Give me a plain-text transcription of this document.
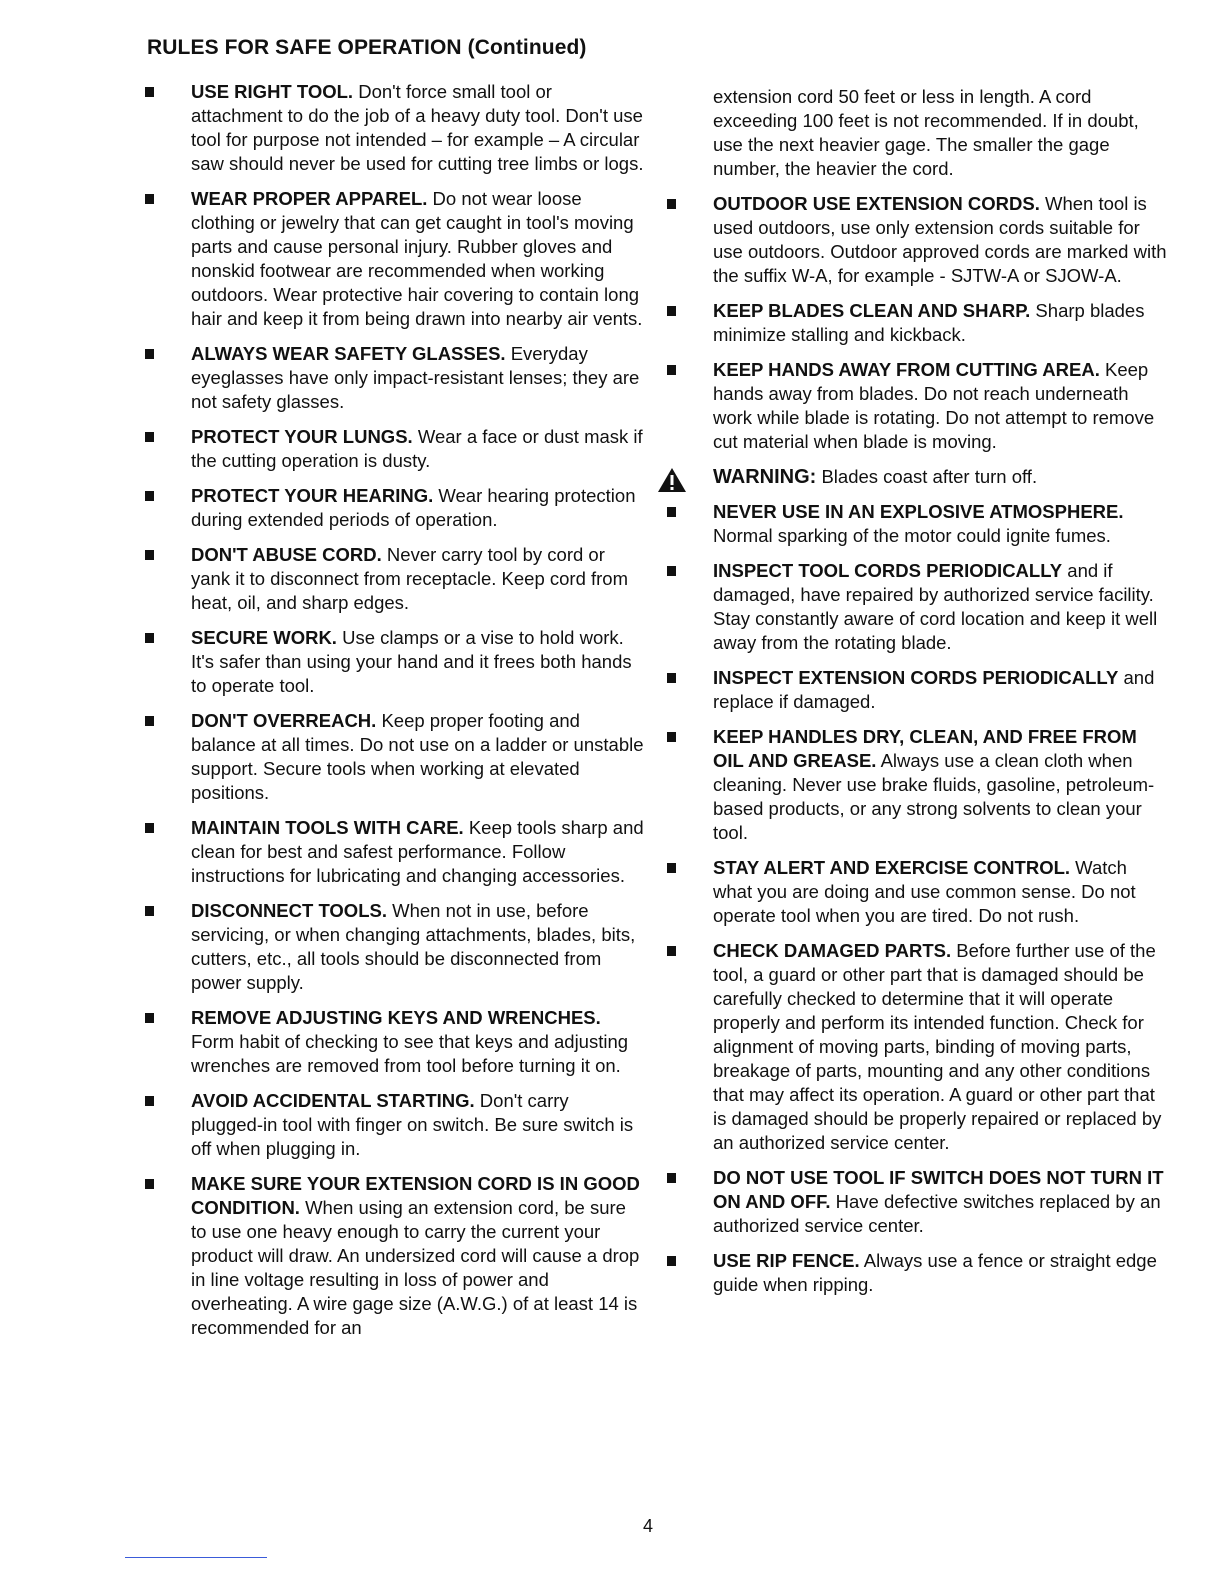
RULES FOR SAFE OPERATION (Continued)
USE RIGHT TOOL. Don't force small tool or attachment to do the job of a heavy duty tool. Don't use tool for purpose not intended – for example – A circular saw should never be used for cutting tree limbs or logs.
WEAR PROPER APPAREL. Do not wear loose clothing or jewelry that can get caught in tool's moving parts and cause personal injury. Rubber gloves and nonskid footwear are recommended when working outdoors. Wear protective hair covering to contain long hair and keep it from being drawn into nearby air vents.
ALWAYS WEAR SAFETY GLASSES. Everyday eyeglasses have only impact-resistant lenses; they are not safety glasses.
PROTECT YOUR LUNGS. Wear a face or dust mask if the cutting operation is dusty.
PROTECT YOUR HEARING. Wear hearing protection during extended periods of operation.
DON'T ABUSE CORD. Never carry tool by cord or yank it to disconnect from receptacle. Keep cord from heat, oil, and sharp edges.
SECURE WORK. Use clamps or a vise to hold work. It's safer than using your hand and it frees both hands to operate tool.
DON'T OVERREACH. Keep proper footing and balance at all times. Do not use on a ladder or unstable support. Secure tools when working at elevated positions.
MAINTAIN TOOLS WITH CARE. Keep tools sharp and clean for best and safest performance. Follow instructions for lubricating and changing accessories.
DISCONNECT TOOLS. When not in use, before servicing, or when changing attachments, blades, bits, cutters, etc., all tools should be disconnected from power supply.
REMOVE ADJUSTING KEYS AND WRENCHES. Form habit of checking to see that keys and adjusting wrenches are removed from tool before turning it on.
AVOID ACCIDENTAL STARTING. Don't carry plugged-in tool with finger on switch. Be sure switch is off when plugging in.
MAKE SURE YOUR EXTENSION CORD IS IN GOOD CONDITION. When using an extension cord, be sure to use one heavy enough to carry the current your product will draw. An undersized cord will cause a drop in line voltage resulting in loss of power and overheating. A wire gage size (A.W.G.) of at least 14 is recommended for an
extension cord 50 feet or less in length. A cord exceeding 100 feet is not recommended. If in doubt, use the next heavier gage. The smaller the gage number, the heavier the cord.
OUTDOOR USE EXTENSION CORDS. When tool is used outdoors, use only extension cords suitable for use outdoors. Outdoor approved cords are marked with the suffix W-A, for example - SJTW-A or SJOW-A.
KEEP BLADES CLEAN AND SHARP. Sharp blades minimize stalling and kickback.
KEEP HANDS AWAY FROM CUTTING AREA. Keep hands away from blades. Do not reach underneath work while blade is rotating. Do not attempt to remove cut material when blade is moving.
WARNING: Blades coast after turn off.
NEVER USE IN AN EXPLOSIVE ATMOSPHERE. Normal sparking of the motor could ignite fumes.
INSPECT TOOL CORDS PERIODICALLY and if damaged, have repaired by authorized service facility. Stay constantly aware of cord location and keep it well away from the rotating blade.
INSPECT EXTENSION CORDS PERIODICALLY and replace if damaged.
KEEP HANDLES DRY, CLEAN, AND FREE FROM OIL AND GREASE. Always use a clean cloth when cleaning. Never use brake fluids, gasoline, petroleum-based products, or any strong solvents to clean your tool.
STAY ALERT AND EXERCISE CONTROL. Watch what you are doing and use common sense. Do not operate tool when you are tired. Do not rush.
CHECK DAMAGED PARTS. Before further use of the tool, a guard or other part that is damaged should be carefully checked to determine that it will operate properly and perform its intended function. Check for alignment of moving parts, binding of moving parts, breakage of parts, mounting and any other conditions that may affect its operation. A guard or other part that is damaged should be properly repaired or replaced by an authorized service center.
DO NOT USE TOOL IF SWITCH DOES NOT TURN IT ON AND OFF. Have defective switches replaced by an authorized service center.
USE RIP FENCE. Always use a fence or straight edge guide when ripping.
4
